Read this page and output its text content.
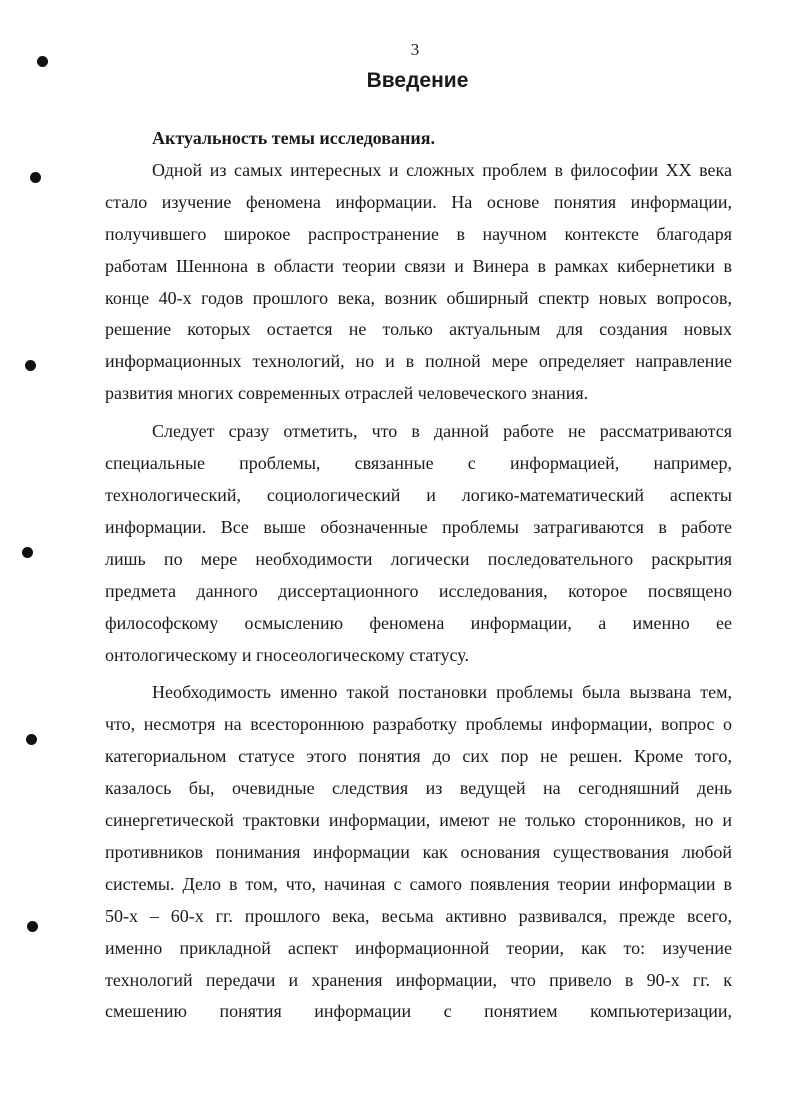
3
Введение

Актуальность темы исследования.

Одной из самых интересных и сложных проблем в философии XX века
стало изучение феномена информации. На основе понятия информации,
получившего широкое распространение в научном контексте благодаря
работам Шеннона в области теории связи и Винера в рамках кибернетики в
конце 40-х годов прошлого века, возник обширный спектр новых вопросов,
решение которых остается не только актуальным для создания новых
информационных технологий, но и в полной мере определяет направление
развития многих современных отраслей человеческого знания.
Следует сразу отметить, что в данной работе не рассматриваются
специальные проблемы, связанные с информацией, например,
технологический, социологический и логико-математический аспекты
информации. Все выше обозначенные проблемы затрагиваются в работе
лишь по мере необходимости логически последовательного раскрытия
предмета данного диссертационного исследования, которое посвящено
философскому осмыслению феномена информации, а именно ее
онтологическому и гносеологическому статусу.
Необходимость именно такой постановки проблемы была вызвана тем,
что, несмотря на всестороннюю разработку проблемы информации, вопрос о
категориальном статусе этого понятия до сих пор не решен. Кроме того,
казалось бы, очевидные следствия из ведущей на сегодняшний день
синергетической трактовки информации, имеют не только сторонников, но и
противников понимания информации как основания существования любой
системы. Дело в том, что, начиная с самого появления теории информации в
50-х – 60-х гг. прошлого века, весьма активно развивался, прежде всего,
именно прикладной аспект информационной теории, как то: изучение
технологий передачи и хранения информации, что привело в 90-х гг. к
смешению понятия информации с понятием компьютеризации,
